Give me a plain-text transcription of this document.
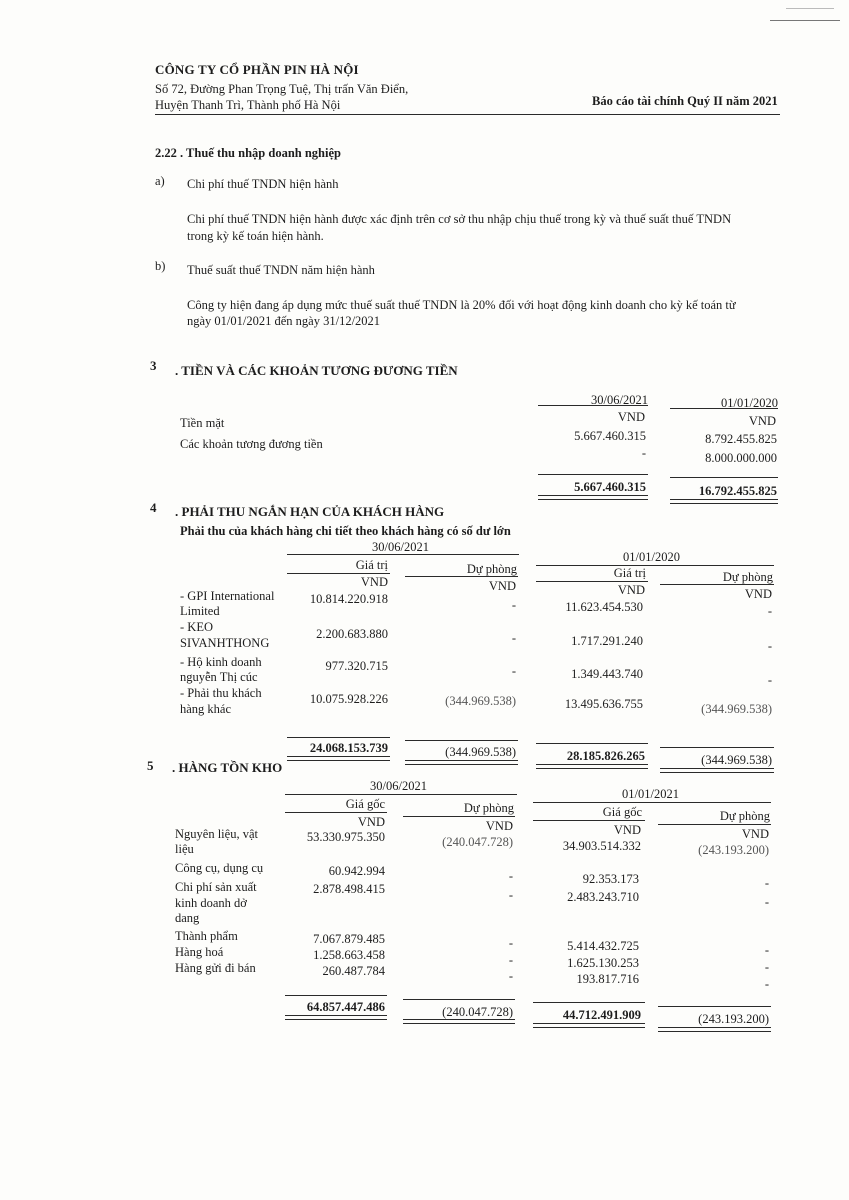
CÔNG TY CỔ PHẦN PIN HÀ NỘI
Số 72, Đường Phan Trọng Tuệ, Thị trấn Văn Điển,
Huyện Thanh Trì, Thành phố Hà Nội	Báo cáo tài chính Quý II năm 2021
2.22 . Thuế thu nhập doanh nghiệp
a) Chi phí thuế TNDN hiện hành
Chi phí thuế TNDN hiện hành được xác định trên cơ sở thu nhập chịu thuế trong kỳ và thuế suất thuế TNDN
trong kỳ kế toán hiện hành.
b) Thuế suất thuế TNDN năm hiện hành
Công ty hiện đang áp dụng mức thuế suất thuế TNDN là 20% đối với hoạt động kinh doanh cho kỳ kế toán từ
ngày 01/01/2021 đến ngày 31/12/2021
3 . TIỀN VÀ CÁC KHOẢN TƯƠNG ĐƯƠNG TIỀN
30/06/2021	01/01/2020
VND	VND
Tiền mặt
5.667.460.315	8.792.455.825
Các khoản tương đương tiền
-	8.000.000.000
5.667.460.315	16.792.455.825
4 . PHẢI THU NGẮN HẠN CỦA KHÁCH HÀNG
Phải thu của khách hàng chi tiết theo khách hàng có số dư lớn
30/06/2021
01/01/2020
Giá trị	Dự phòng	Giá trị	Dự phòng
VND	VND	VND	VND
- GPI International
Limited
10.814.220.918	-	11.623.454.530	-
- KEO
SIVANHTHONG
2.200.683.880	-	1.717.291.240	-
- Hộ kinh doanh
nguyễn Thị cúc
977.320.715	-	1.349.443.740	-
- Phải thu khách
hàng khác
10.075.928.226	(344.969.538)	13.495.636.755	(344.969.538)
24.068.153.739	(344.969.538)	28.185.826.265	(344.969.538)
5 . HÀNG TỒN KHO
30/06/2021
01/01/2021
Giá gốc	Dự phòng	Giá gốc	Dự phòng
VND	VND	VND	VND
Nguyên liệu, vật
liệu
53.330.975.350	(240.047.728)	34.903.514.332	(243.193.200)
Công cụ, dụng cụ	60.942.994	-	92.353.173	-
Chi phí sản xuất
kinh doanh dở
dang
2.878.498.415	-	2.483.243.710	-
Thành phẩm	7.067.879.485	-	5.414.432.725	-
Hàng hoá	1.258.663.458	-	1.625.130.253	-
Hàng gửi đi bán	260.487.784	-	193.817.716	-
64.857.447.486	(240.047.728)	44.712.491.909	(243.193.200)
